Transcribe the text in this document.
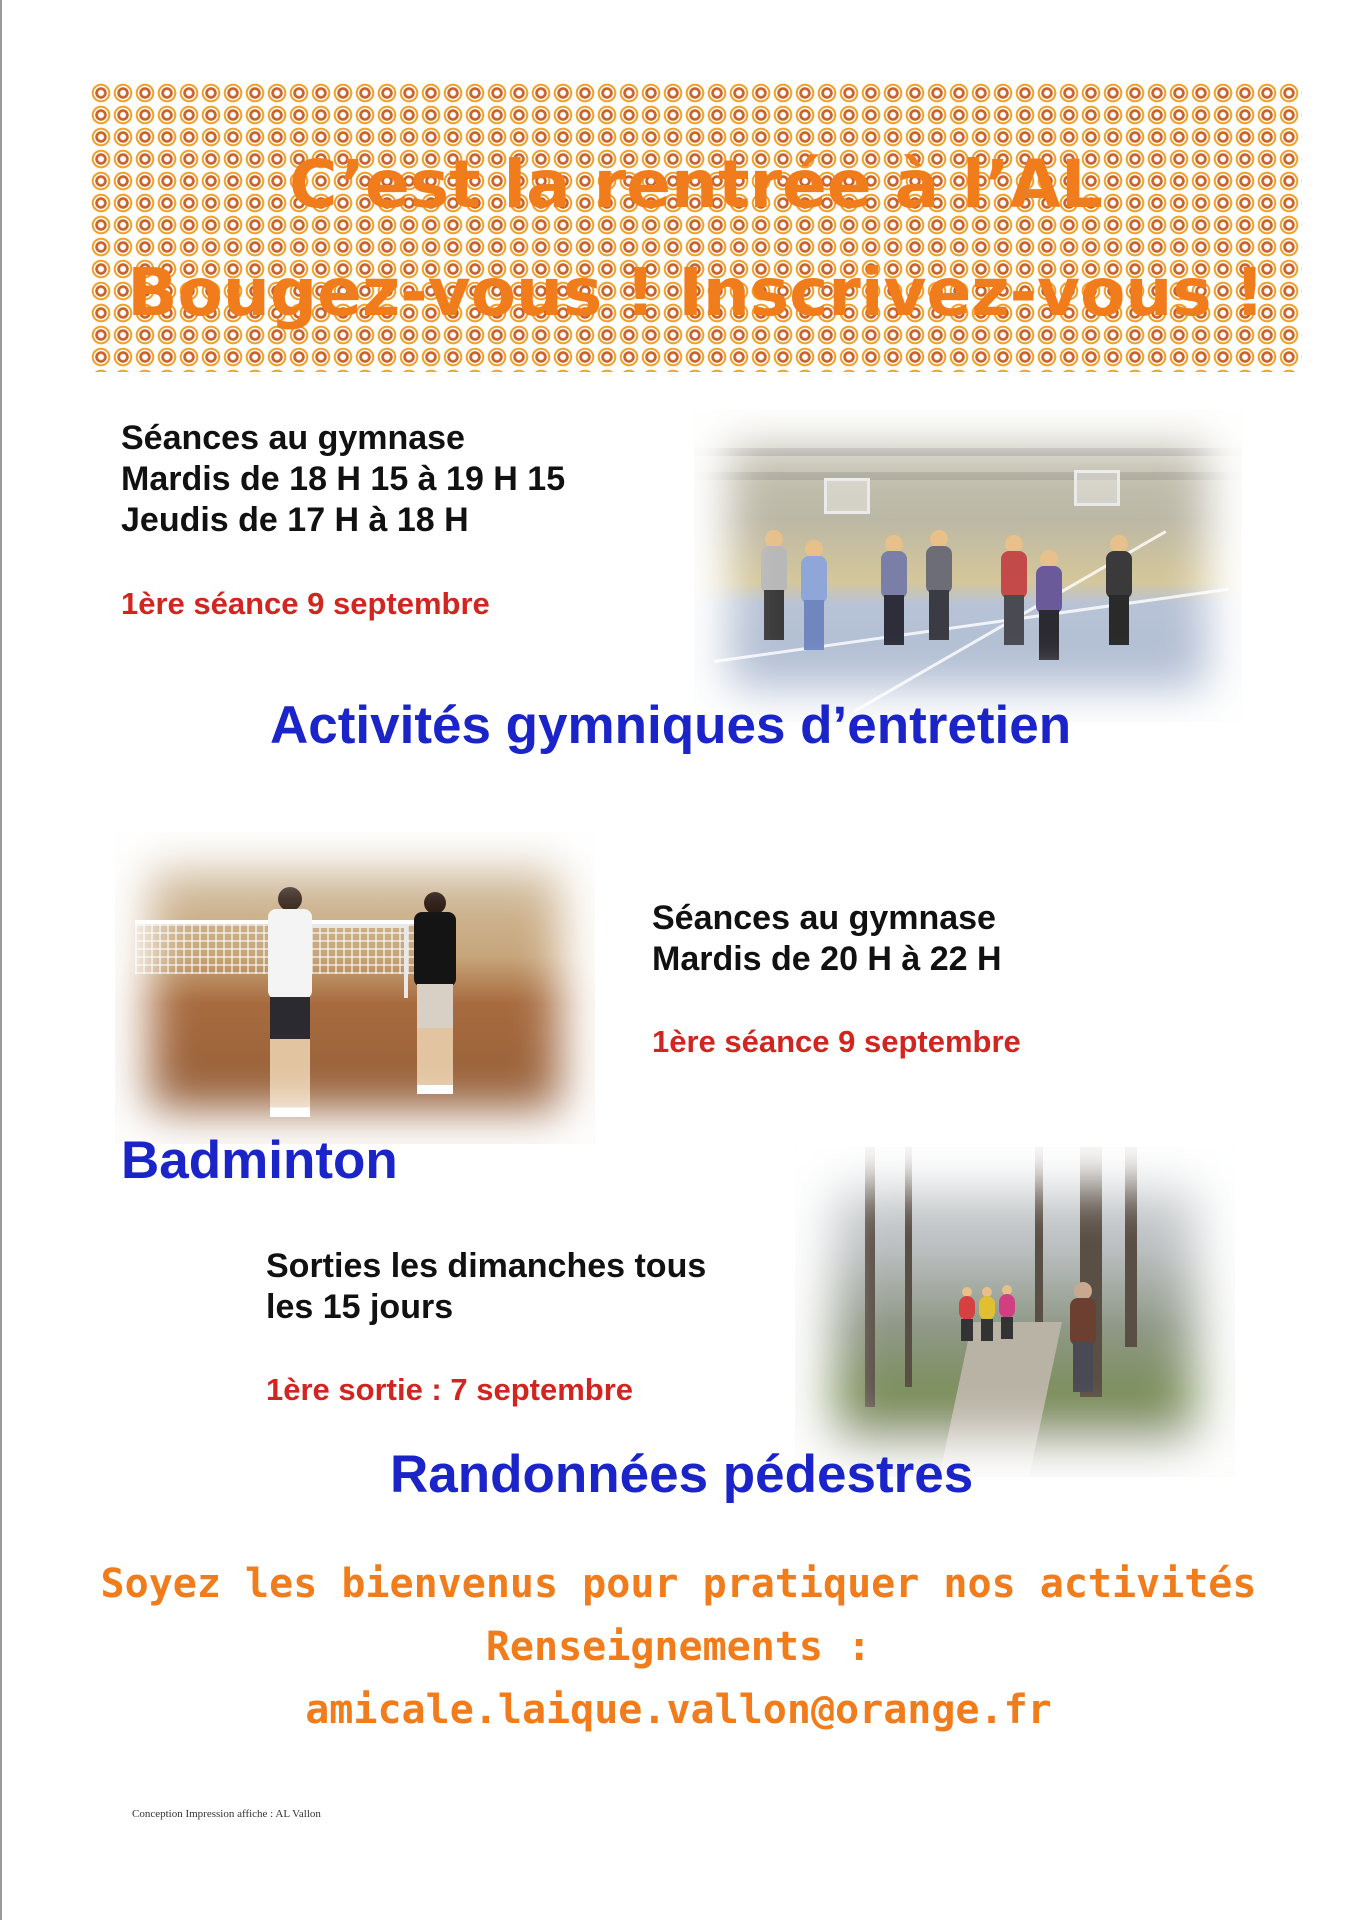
C’est la rentrée à l’AL
Bougez-vous ! Inscrivez-vous !
Séances au gymnase
Mardis de 18 H 15 à 19 H 15
Jeudis de 17 H à 18 H
1ère séance 9 septembre
Activités gymniques d’entretien
Séances au gymnase
Mardis de 20 H à 22 H
1ère séance 9 septembre
Badminton
Sorties les dimanches tous
les 15 jours
1ère sortie : 7 septembre
Randonnées pédestres
Soyez les bienvenus pour pratiquer nos activités
Renseignements :
amicale.laique.vallon@orange.fr
Conception Impression affiche : AL Vallon
